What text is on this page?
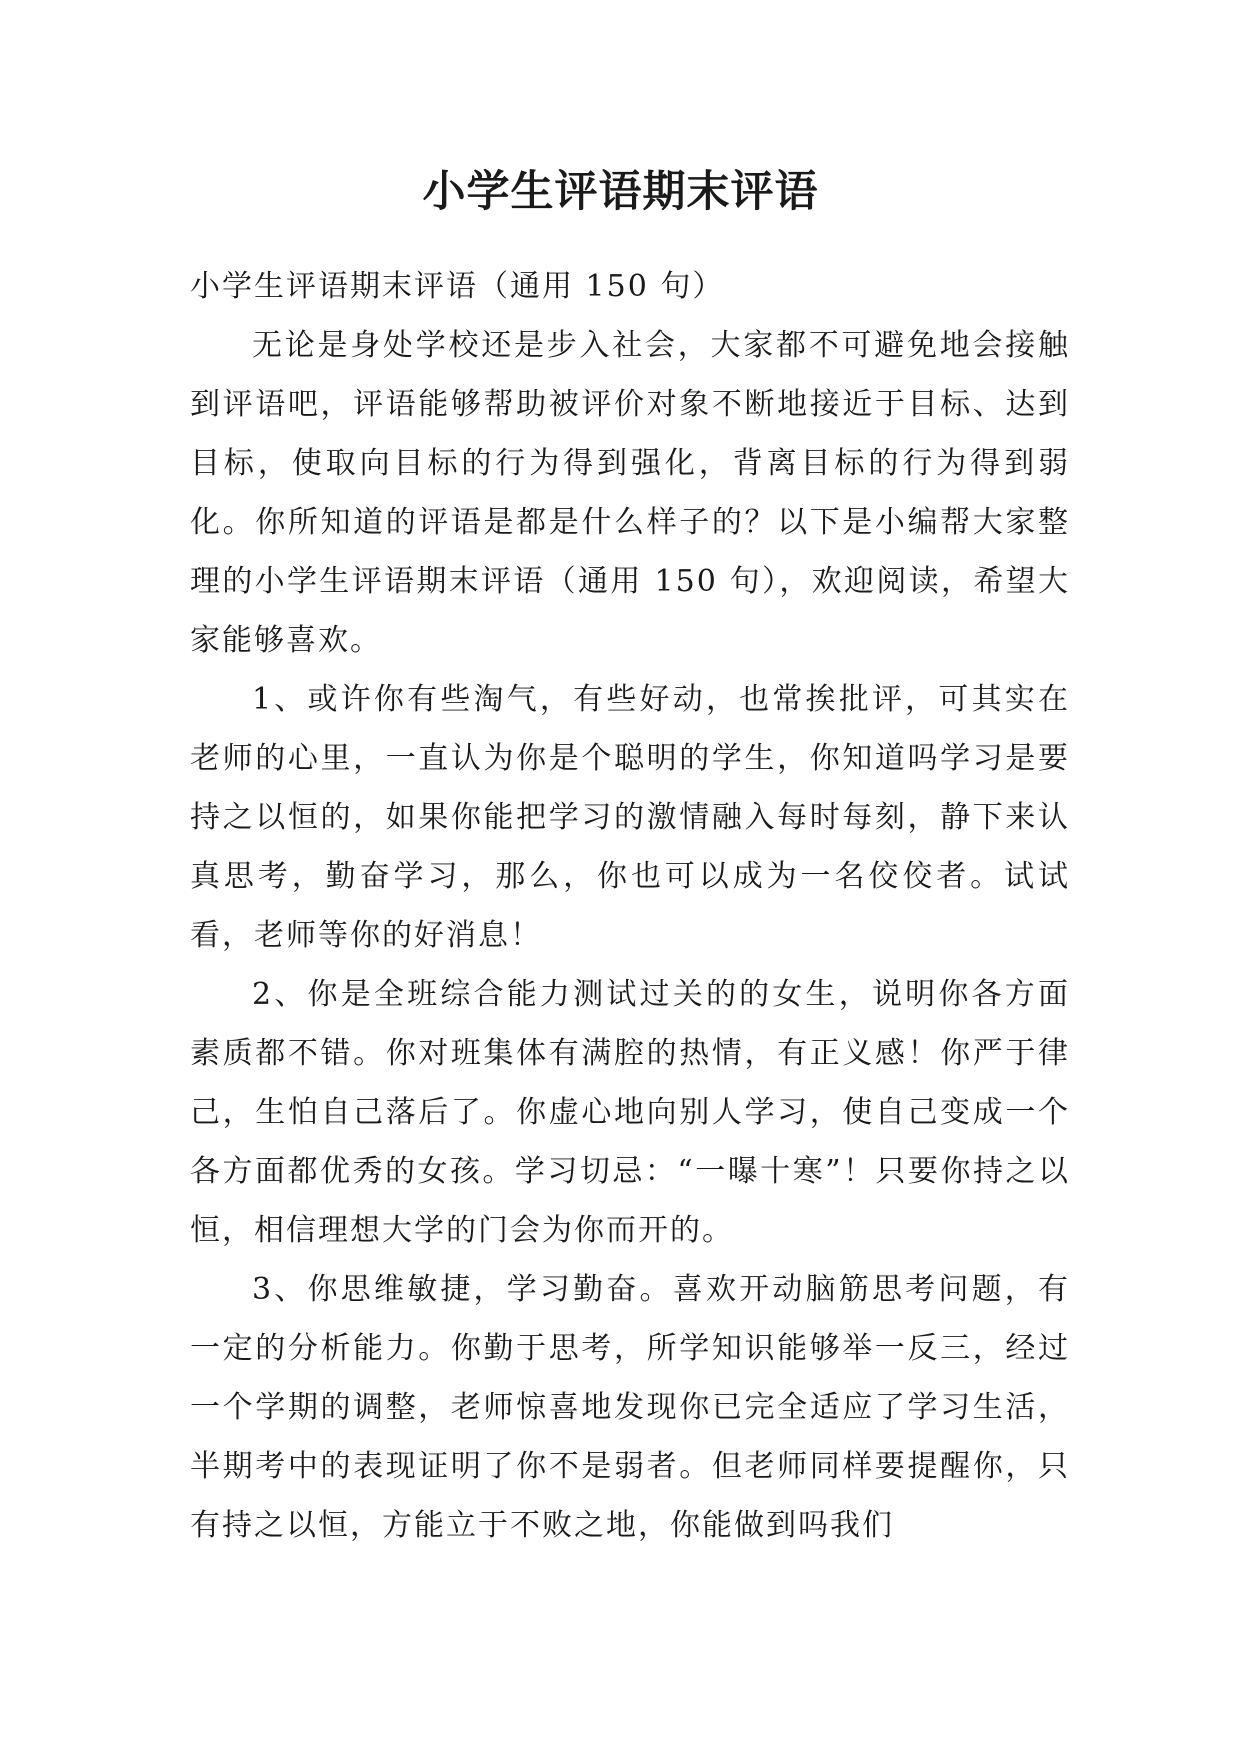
小学生评语期末评语

小学生评语期末评语（通用 150 句）

无论是身处学校还是步入社会，大家都不可避免地会接触到评语吧，评语能够帮助被评价对象不断地接近于目标、达到目标，使取向目标的行为得到强化，背离目标的行为得到弱化。你所知道的评语是都是什么样子的？以下是小编帮大家整理的小学生评语期末评语（通用 150 句），欢迎阅读，希望大家能够喜欢。

1、或许你有些淘气，有些好动，也常挨批评，可其实在老师的心里，一直认为你是个聪明的学生，你知道吗学习是要持之以恒的，如果你能把学习的激情融入每时每刻，静下来认真思考，勤奋学习，那么，你也可以成为一名佼佼者。试试看，老师等你的好消息！

2、你是全班综合能力测试过关的的女生，说明你各方面素质都不错。你对班集体有满腔的热情，有正义感！你严于律己，生怕自己落后了。你虚心地向别人学习，使自己变成一个各方面都优秀的女孩。学习切忌：“一曝十寒”！只要你持之以恒，相信理想大学的门会为你而开的。

3、你思维敏捷，学习勤奋。喜欢开动脑筋思考问题，有一定的分析能力。你勤于思考，所学知识能够举一反三，经过一个学期的调整，老师惊喜地发现你已完全适应了学习生活，半期考中的表现证明了你不是弱者。但老师同样要提醒你，只有持之以恒，方能立于不败之地，你能做到吗我们
